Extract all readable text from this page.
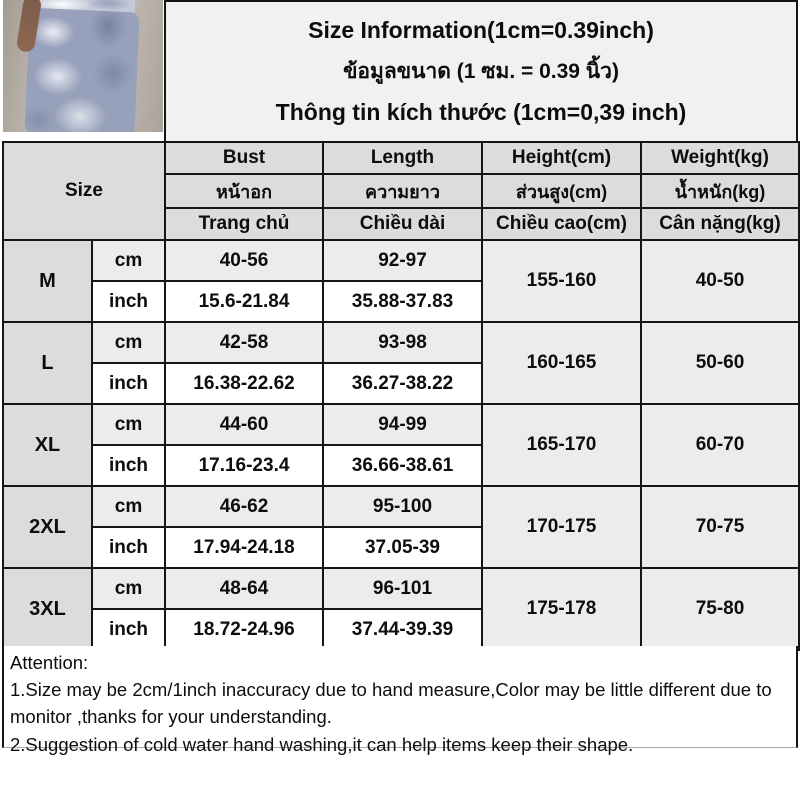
Size Information(1cm=0.39inch)
ข้อมูลขนาด (1 ซม. = 0.39 นิ้ว)
Thông tin kích thước (1cm=0,39 inch)
Size		Bust	Length	Height(cm)	Weight(kg)
		หน้าอก	ความยาว	ส่วนสูง(cm)	น้ำหนัก(kg)
		Trang chủ	Chiều dài	Chiều cao(cm)	Cân nặng(kg)
M	cm	40-56	92-97	155-160	40-50
	inch	15.6-21.84	35.88-37.83		
L	cm	42-58	93-98	160-165	50-60
	inch	16.38-22.62	36.27-38.22		
XL	cm	44-60	94-99	165-170	60-70
	inch	17.16-23.4	36.66-38.61		
2XL	cm	46-62	95-100	170-175	70-75
	inch	17.94-24.18	37.05-39		
3XL	cm	48-64	96-101	175-178	75-80
	inch	18.72-24.96	37.44-39.39		

Attention:

1.Size may be 2cm/1inch inaccuracy due to hand measure,Color may be little different due to monitor ,thanks for your understanding.

2.Suggestion of cold water hand washing,it can help items keep their shape.
